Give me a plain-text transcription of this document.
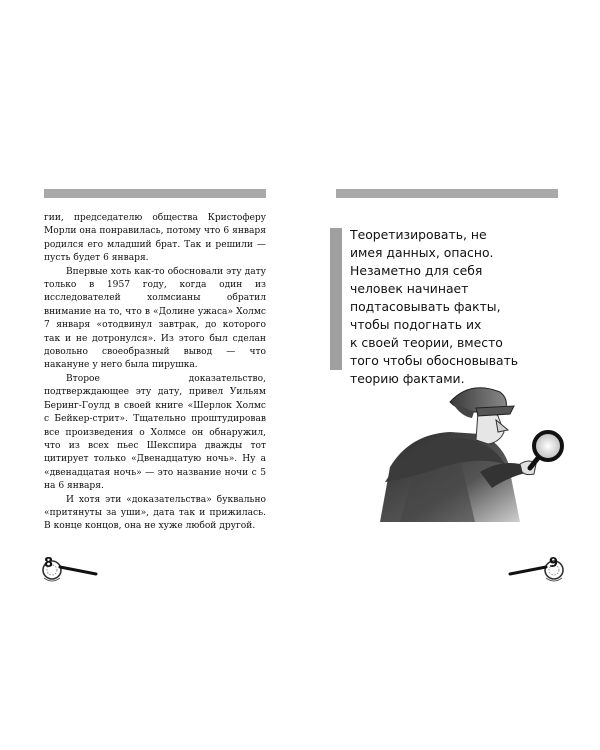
гии, председателю общества Кристоферу Морли она понравилась, потому что 6 января родился его младший брат. Так и решили — пусть будет 6 января.

Впервые хоть как-то обосновали эту дату только в 1957 году, когда один из исследователей холмсианы обратил внимание на то, что в «Долине ужаса» Холмс 7 января «отодвинул завтрак, до которого так и не дотронулся». Из этого был сделан довольно своеобразный вывод — что накануне у него была пирушка.

Второе доказательство, подтверждающее эту дату, привел Уильям Беринг-Гоулд в своей книге «Шерлок Холмс с Бейкер-стрит». Тщательно проштудировав все произведения о Холмсе он обнаружил, что из всех пьес Шекспира дважды тот цитирует только «Двенадцатую ночь». Ну а «двенадцатая ночь» — это название ночи с 5 на 6 января.

И хотя эти «доказательства» буквально «притянуты за уши», дата так и прижилась. В конце концов, она не хуже любой другой.

8
Теоретизировать, не
имея данных, опасно.
Незаметно для себя
человек начинает
подтасовывать факты,
чтобы подогнать их
к своей теории, вместо
того чтобы обосновывать
теорию фактами.
9
